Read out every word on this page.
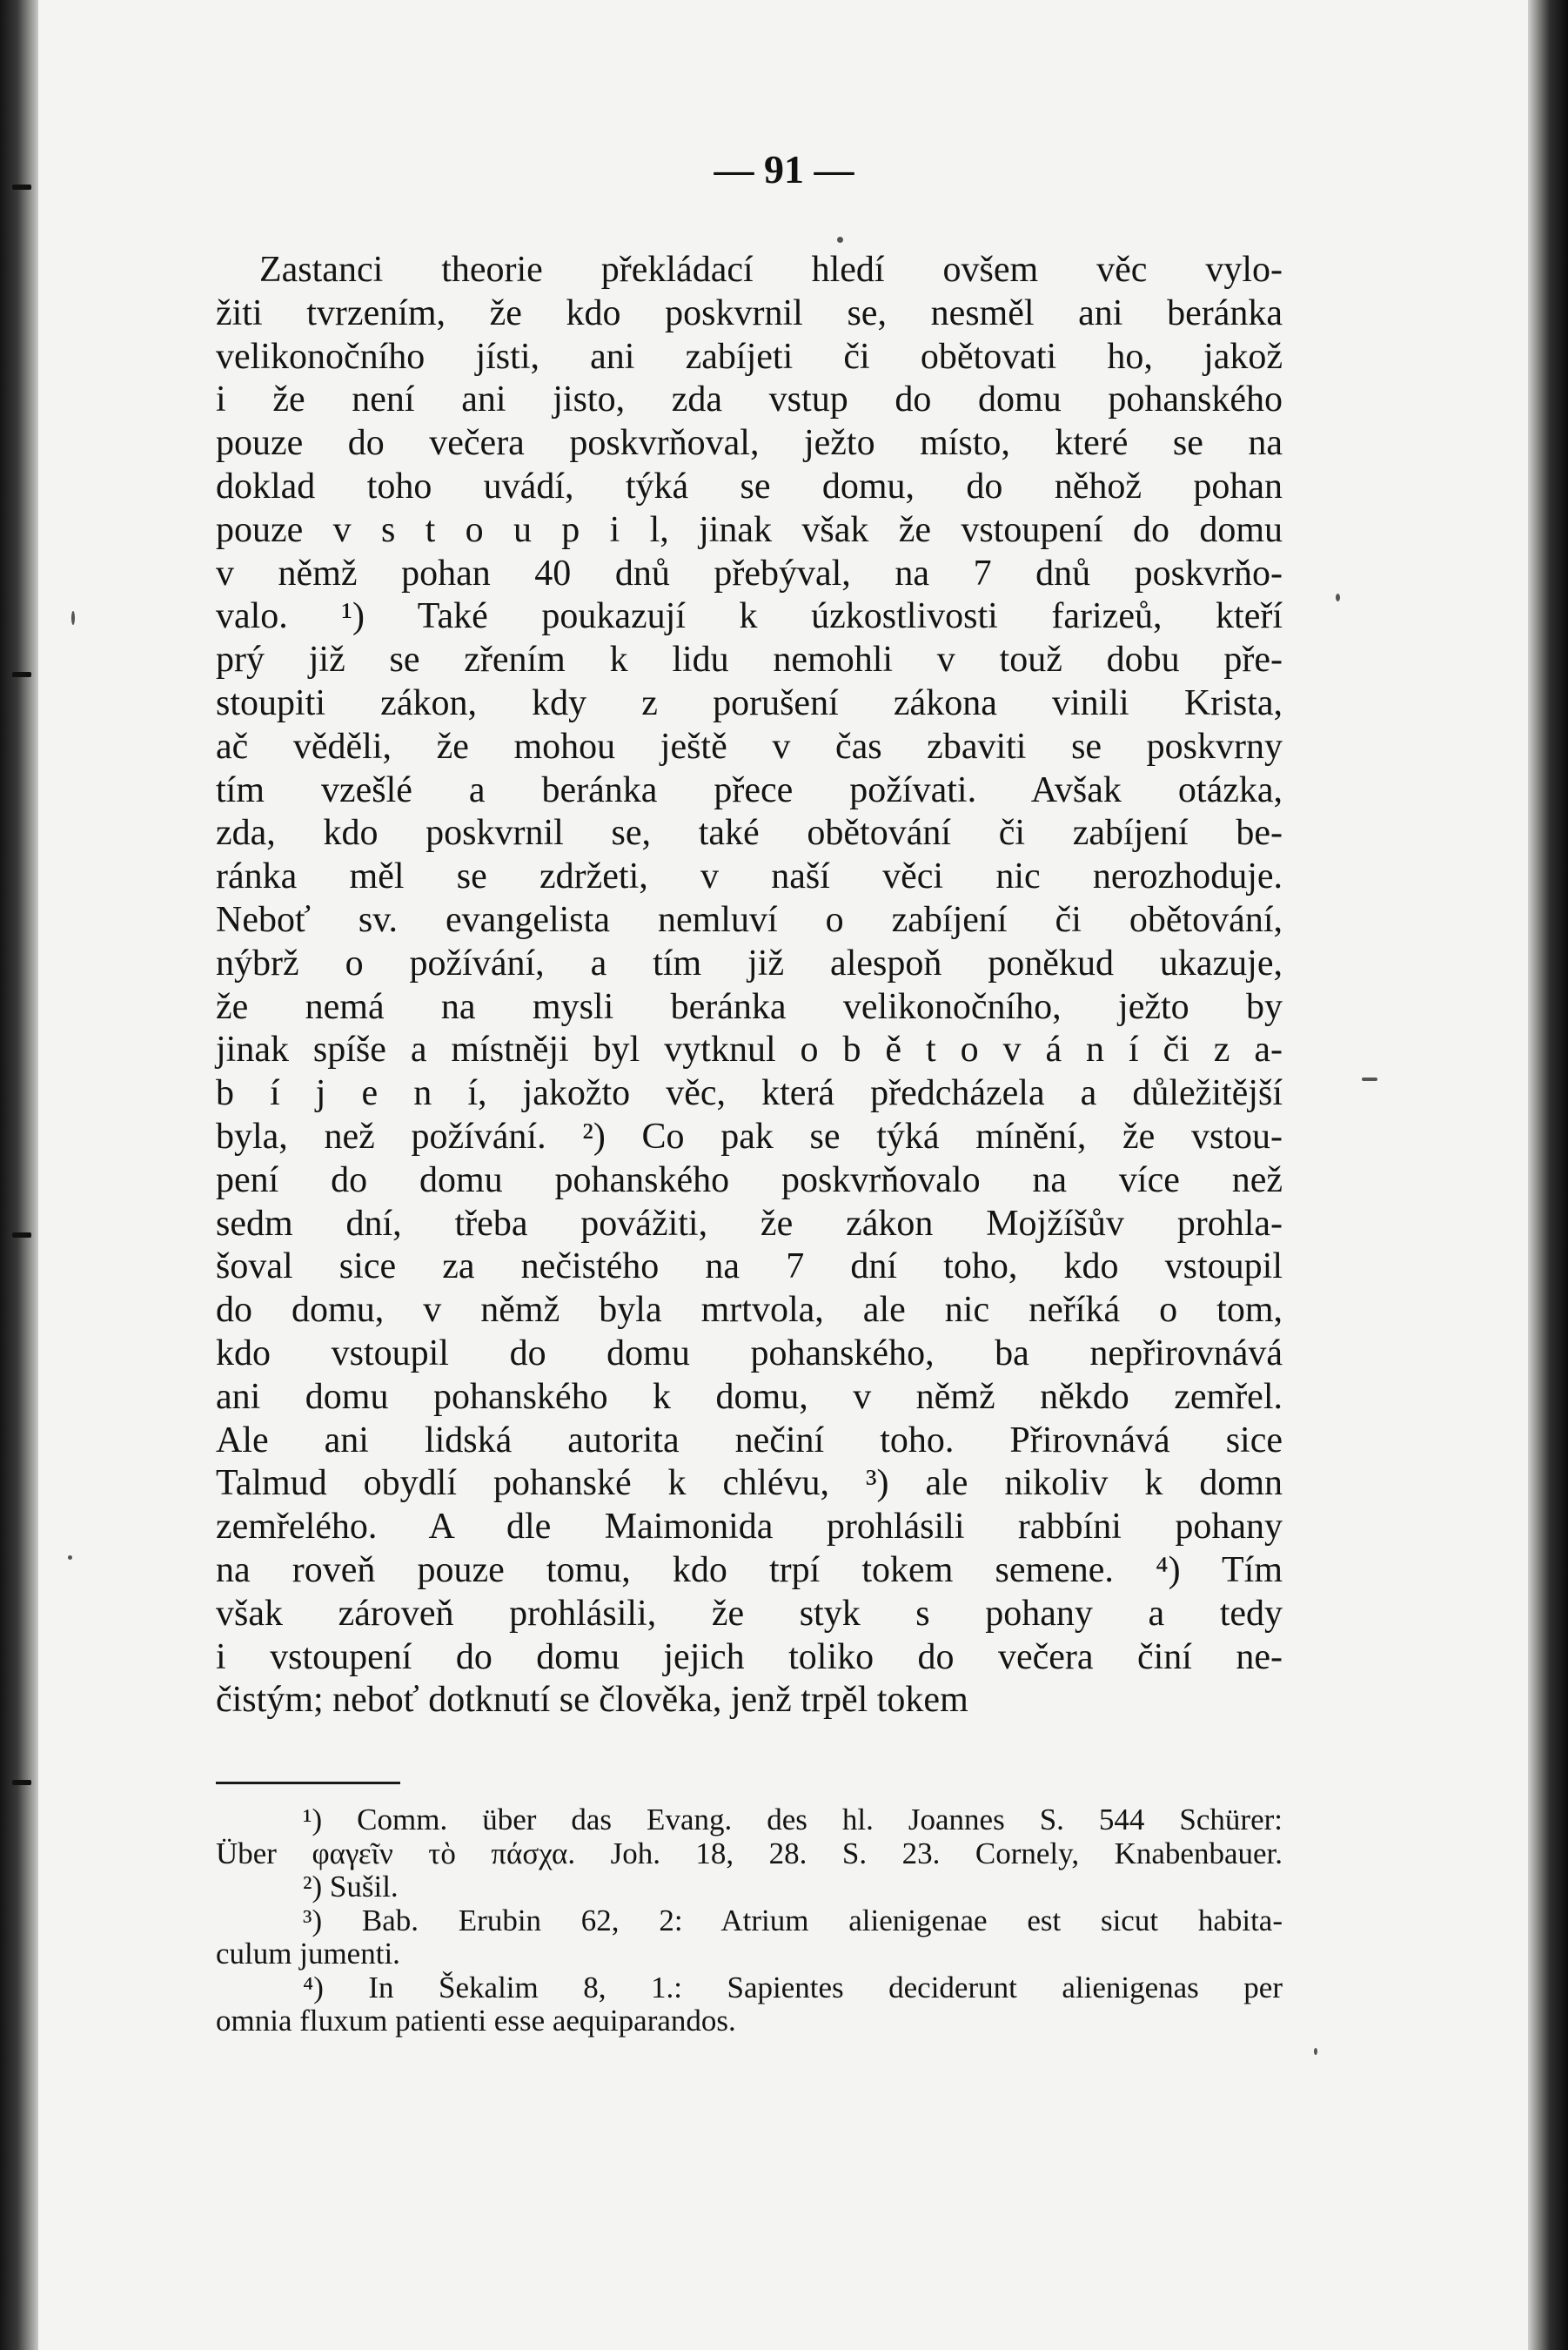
— 91 —
Zastanci theorie překládací hledí ovšem věc vylo-
žiti tvrzením, že kdo poskvrnil se, nesměl ani beránka
velikonočního jísti, ani zabíjeti či obětovati ho, jakož
i že není ani jisto, zda vstup do domu pohanského
pouze do večera poskvrňoval, ježto místo, které se na
doklad toho uvádí, týká se domu, do něhož pohan
pouze v s t o u p i l, jinak však že vstoupení do domu
v němž pohan 40 dnů přebýval, na 7 dnů poskvrňo-
valo. ¹) Také poukazují k úzkostlivosti farizeů, kteří
prý již se zřením k lidu nemohli v touž dobu pře-
stoupiti zákon, kdy z porušení zákona vinili Krista,
ač věděli, že mohou ještě v čas zbaviti se poskvrny
tím vzešlé a beránka přece požívati. Avšak otázka,
zda, kdo poskvrnil se, také obětování či zabíjení be-
ránka měl se zdržeti, v naší věci nic nerozhoduje.
Neboť sv. evangelista nemluví o zabíjení či obětování,
nýbrž o požívání, a tím již alespoň poněkud ukazuje,
že nemá na mysli beránka velikonočního, ježto by
jinak spíše a místněji byl vytknul o b ě t o v á n í či z a-
b í j e n í, jakožto věc, která předcházela a důležitější
byla, než požívání. ²) Co pak se týká mínění, že vstou-
pení do domu pohanského poskvrňovalo na více než
sedm dní, třeba povážiti, že zákon Mojžíšův prohla-
šoval sice za nečistého na 7 dní toho, kdo vstoupil
do domu, v němž byla mrtvola, ale nic neříká o tom,
kdo vstoupil do domu pohanského, ba nepřirovnává
ani domu pohanského k domu, v němž někdo zemřel.
Ale ani lidská autorita nečiní toho. Přirovnává sice
Talmud obydlí pohanské k chlévu, ³) ale nikoliv k domn
zemřelého. A dle Maimonida prohlásili rabbíni pohany
na roveň pouze tomu, kdo trpí tokem semene. ⁴) Tím
však zároveň prohlásili, že styk s pohany a tedy
i vstoupení do domu jejich toliko do večera činí ne-
čistým; neboť dotknutí se člověka, jenž trpěl tokem
¹) Comm. über das Evang. des hl. Joannes S. 544 Schürer:
Über φαγεῖν τὸ πάσχα. Joh. 18, 28. S. 23. Cornely, Knabenbauer.
²) Sušil.
³) Bab. Erubin 62, 2: Atrium alienigenae est sicut habita-
culum jumenti.
⁴) In Šekalim 8, 1.: Sapientes deciderunt alienigenas per
omnia fluxum patienti esse aequiparandos.
